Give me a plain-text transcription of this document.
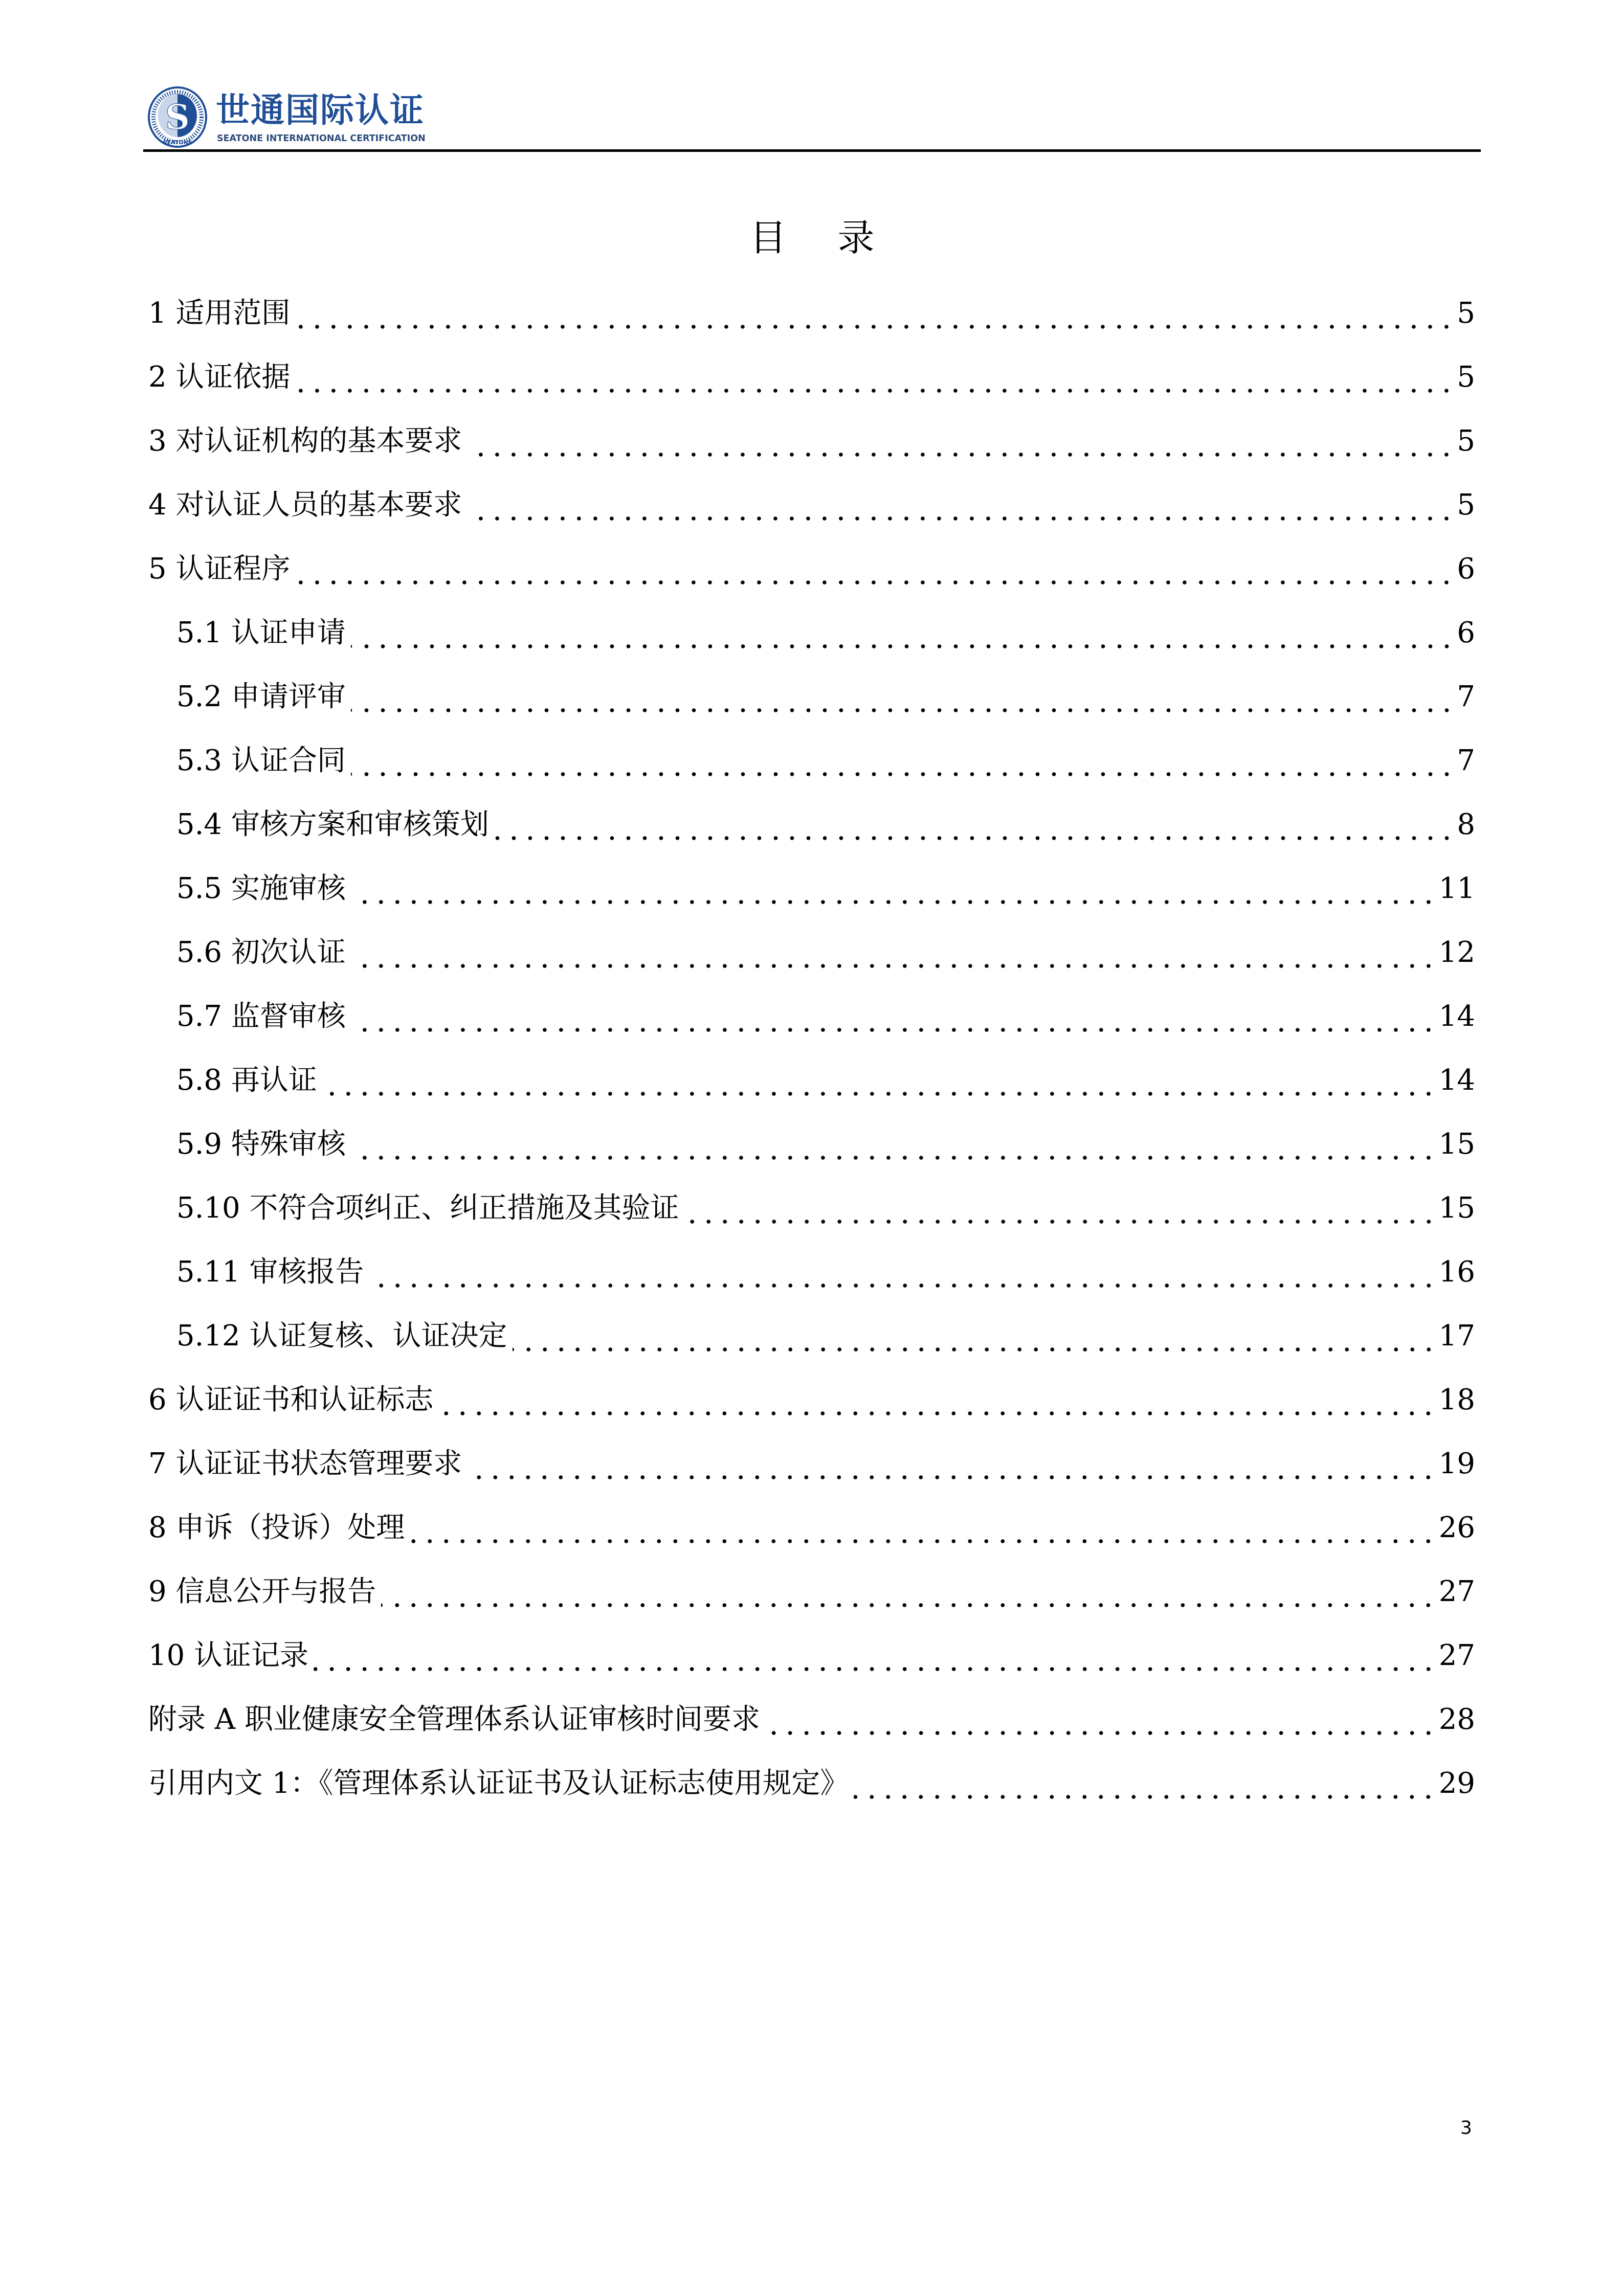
S
SEATONE
世通国际认证
SEATONE INTERNATIONAL CERTIFICATION
目 录
1 适用范围	5
2 认证依据	5
3 对认证机构的基本要求	5
4 对认证人员的基本要求	5
5 认证程序	6
5.1 认证申请	6
5.2 申请评审	7
5.3 认证合同	7
5.4 审核方案和审核策划	8
5.5 实施审核	11
5.6 初次认证	12
5.7 监督审核	14
5.8 再认证	14
5.9 特殊审核	15
5.10 不符合项纠正、纠正措施及其验证	15
5.11 审核报告	16
5.12 认证复核、认证决定	17
6 认证证书和认证标志	18
7 认证证书状态管理要求	19
8 申诉（投诉）处理	26
9 信息公开与报告	27
10 认证记录	27
附录 A 职业健康安全管理体系认证审核时间要求	28
引用内文 1：《管理体系认证证书及认证标志使用规定》	29
3
